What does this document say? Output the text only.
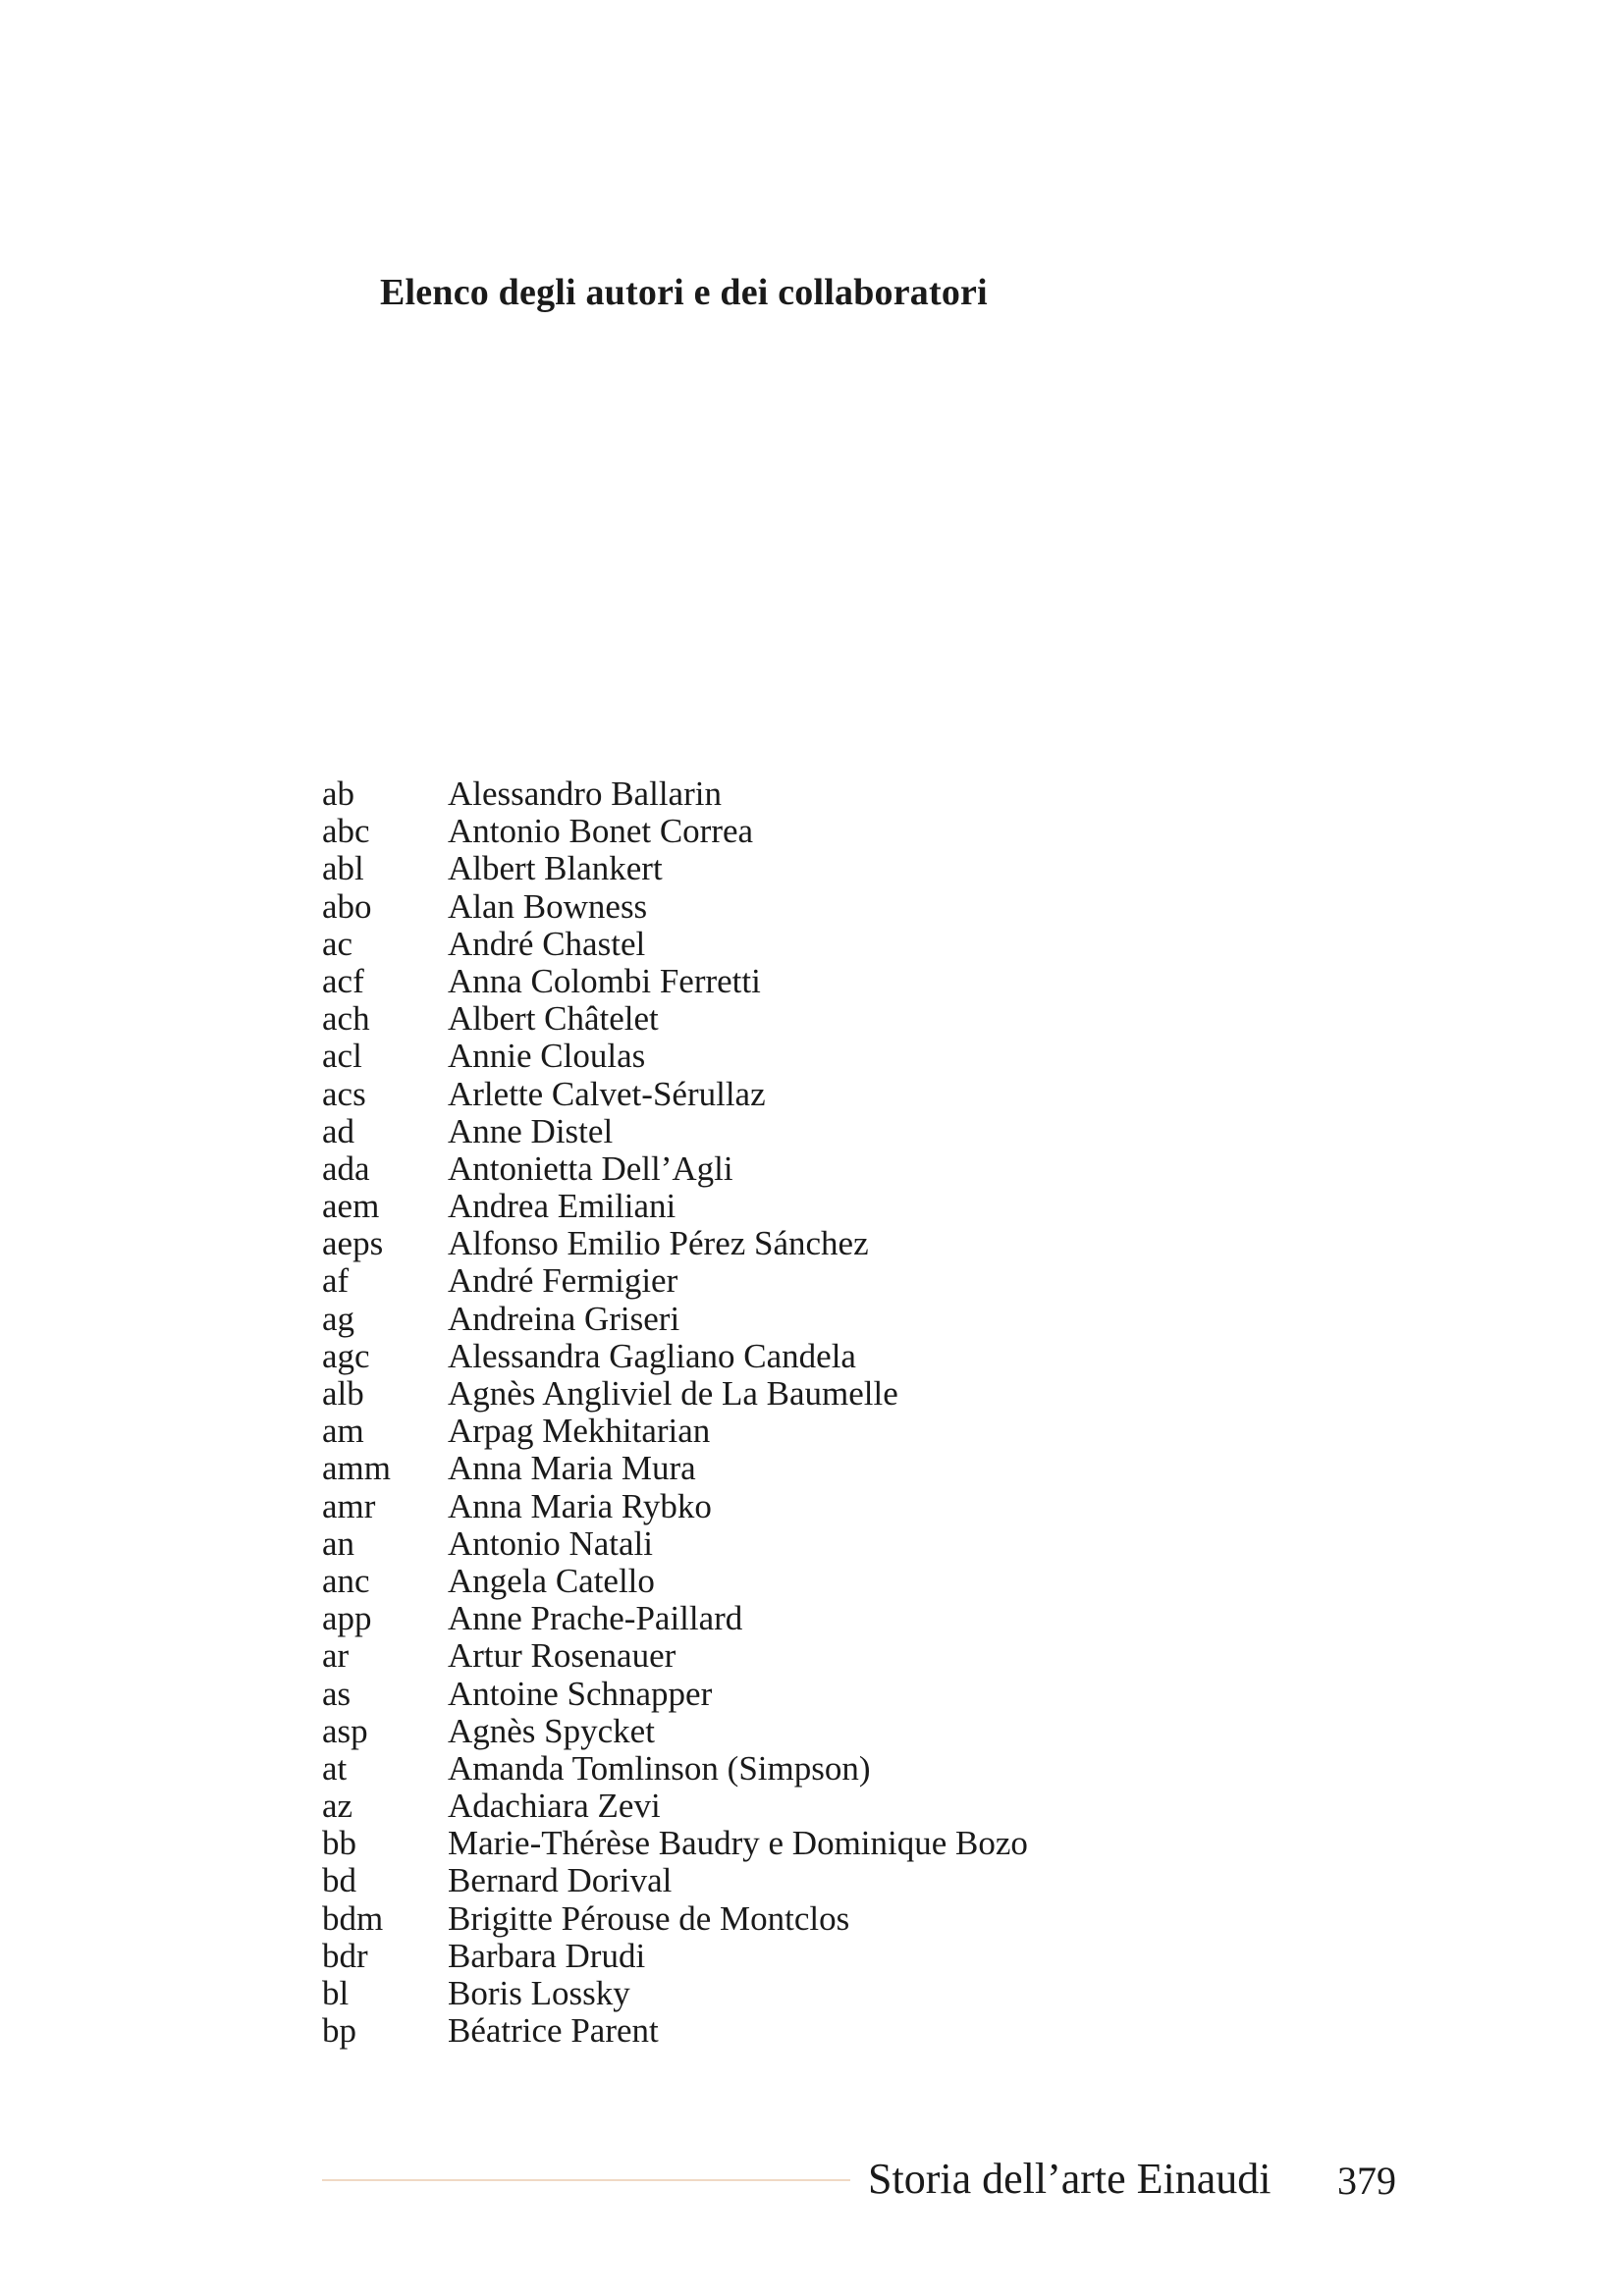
Elenco degli autori e dei collaboratori
ab	Alessandro Ballarin
abc	Antonio Bonet Correa
abl	Albert Blankert
abo	Alan Bowness
ac	André Chastel
acf	Anna Colombi Ferretti
ach	Albert Châtelet
acl	Annie Cloulas
acs	Arlette Calvet-Sérullaz
ad	Anne Distel
ada	Antonietta Dell’Agli
aem	Andrea Emiliani
aeps	Alfonso Emilio Pérez Sánchez
af	André Fermigier
ag	Andreina Griseri
agc	Alessandra Gagliano Candela
alb	Agnès Angliviel de La Baumelle
am	Arpag Mekhitarian
amm	Anna Maria Mura
amr	Anna Maria Rybko
an	Antonio Natali
anc	Angela Catello
app	Anne Prache-Paillard
ar	Artur Rosenauer
as	Antoine Schnapper
asp	Agnès Spycket
at	Amanda Tomlinson (Simpson)
az	Adachiara Zevi
bb	Marie-Thérèse Baudry e Dominique Bozo
bd	Bernard Dorival
bdm	Brigitte Pérouse de Montclos
bdr	Barbara Drudi
bl	Boris Lossky
bp	Béatrice Parent
Storia dell’arte Einaudi 379
